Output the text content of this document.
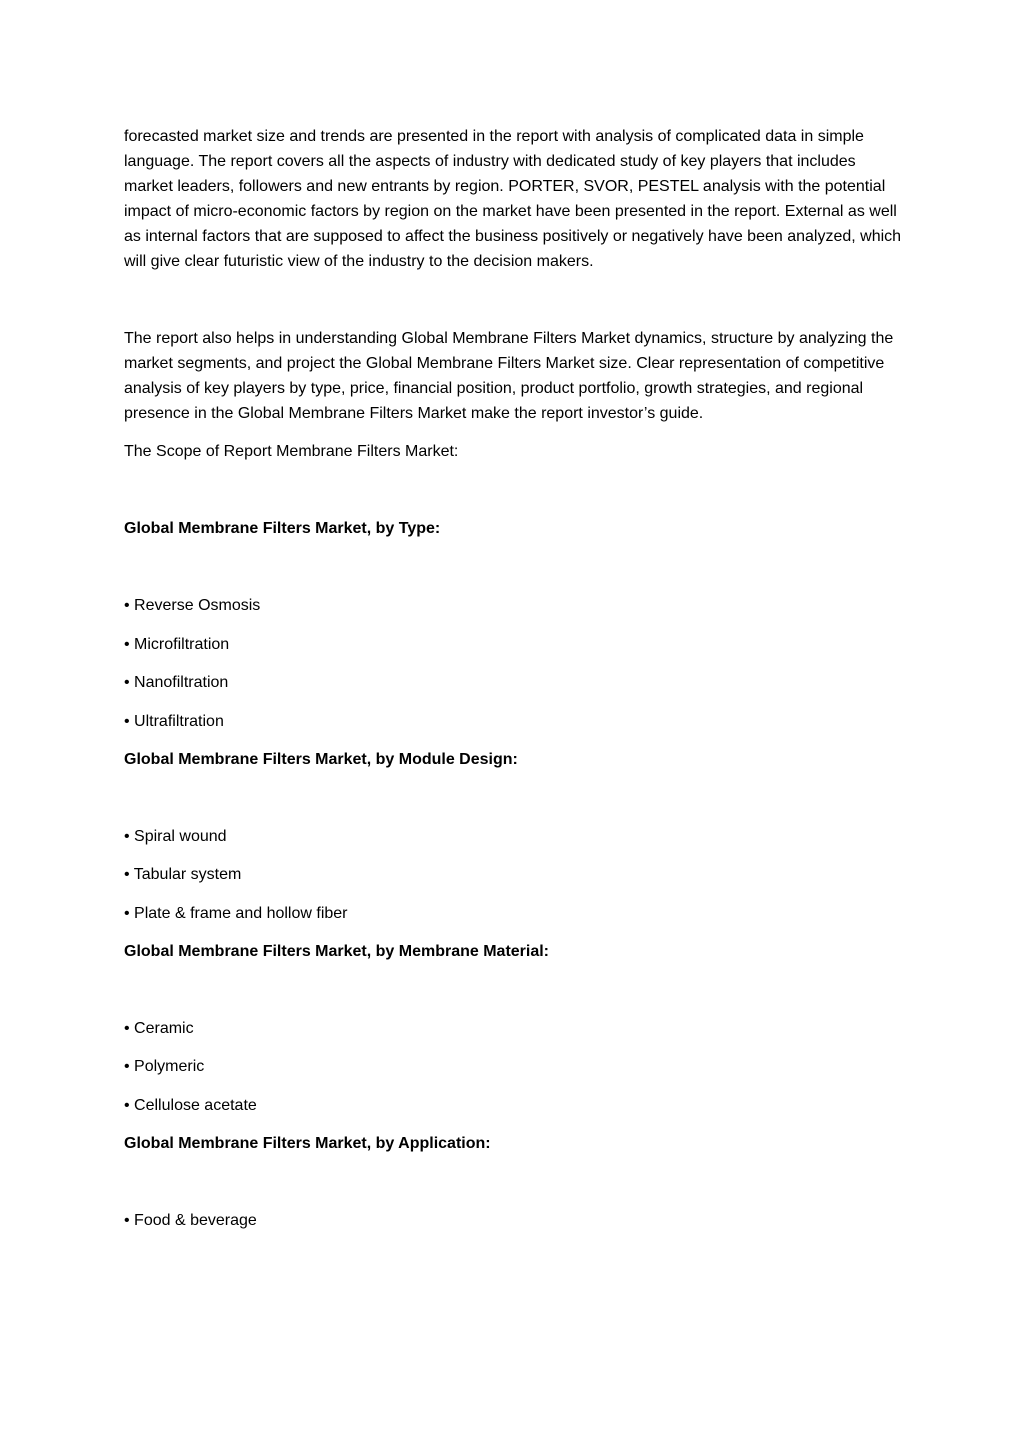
forecasted market size and trends are presented in the report with analysis of complicated data in simple language. The report covers all the aspects of industry with dedicated study of key players that includes market leaders, followers and new entrants by region. PORTER, SVOR, PESTEL analysis with the potential impact of micro-economic factors by region on the market have been presented in the report. External as well as internal factors that are supposed to affect the business positively or negatively have been analyzed, which will give clear futuristic view of the industry to the decision makers.

The report also helps in understanding Global Membrane Filters Market dynamics, structure by analyzing the market segments, and project the Global Membrane Filters Market size. Clear representation of competitive analysis of key players by type, price, financial position, product portfolio, growth strategies, and regional presence in the Global Membrane Filters Market make the report investor’s guide.

The Scope of Report Membrane Filters Market:

Global Membrane Filters Market, by Type:

• Reverse Osmosis
• Microfiltration
• Nanofiltration
• Ultrafiltration

Global Membrane Filters Market, by Module Design:

• Spiral wound
• Tabular system
• Plate & frame and hollow fiber

Global Membrane Filters Market, by Membrane Material:

• Ceramic
• Polymeric
• Cellulose acetate

Global Membrane Filters Market, by Application:

• Food & beverage
